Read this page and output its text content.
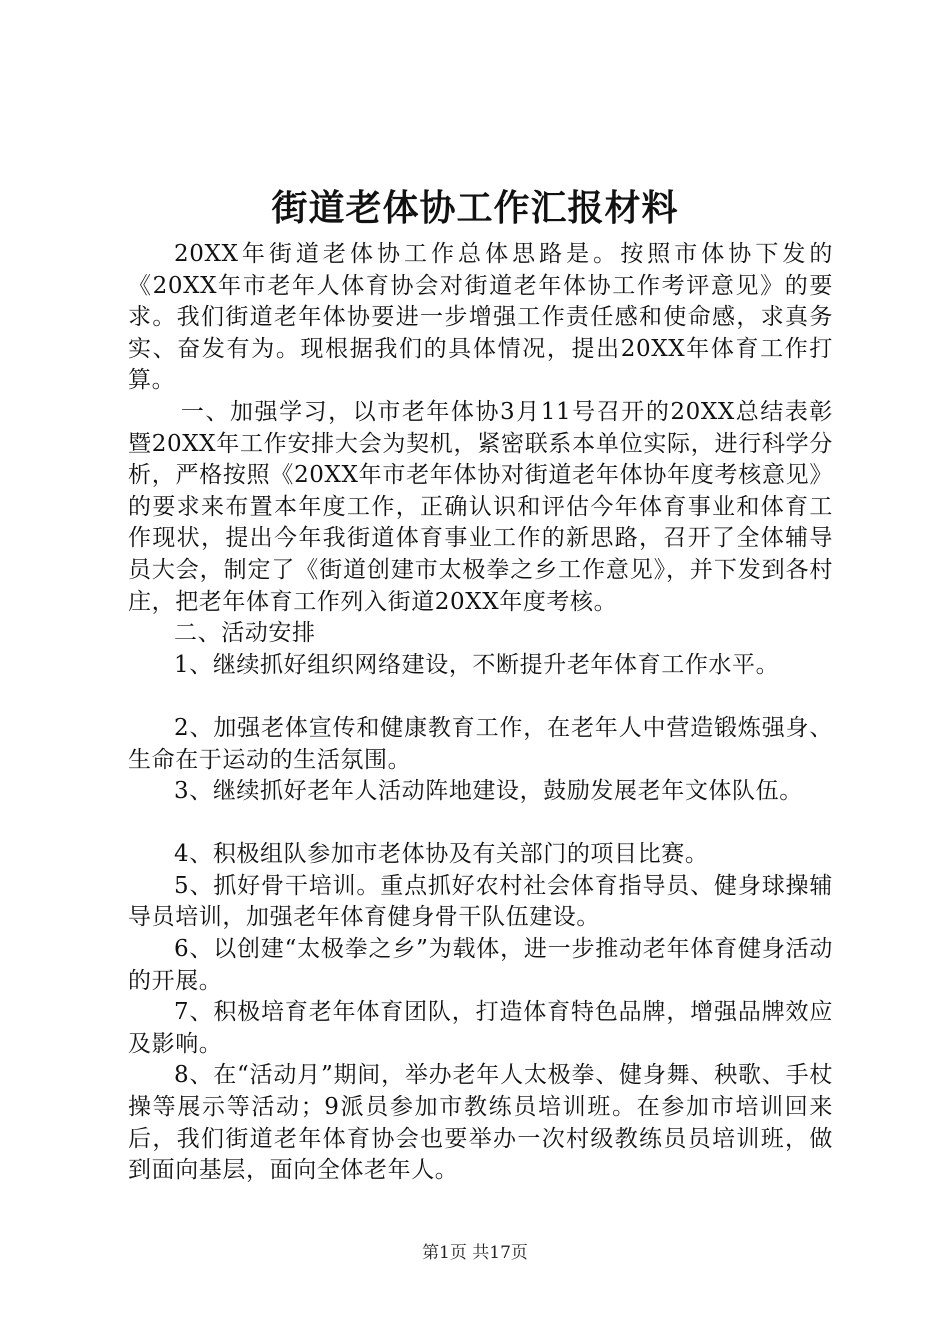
街道老体协工作汇报材料

20XX年街道老体协工作总体思路是。按照市体协下发的《20XX年市老年人体育协会对街道老年体协工作考评意见》的要求。我们街道老年体协要进一步增强工作责任感和使命感，求真务实、奋发有为。现根据我们的具体情况，提出20XX年体育工作打算。

一、加强学习，以市老年体协3月11号召开的20XX总结表彰暨20XX年工作安排大会为契机，紧密联系本单位实际，进行科学分析，严格按照《20XX年市老年体协对街道老年体协年度考核意见》的要求来布置本年度工作，正确认识和评估今年体育事业和体育工作现状，提出今年我街道体育事业工作的新思路，召开了全体辅导员大会，制定了《街道创建市太极拳之乡工作意见》，并下发到各村庄，把老年体育工作列入街道20XX年度考核。

二、活动安排

1、继续抓好组织网络建设，不断提升老年体育工作水平。

2、加强老体宣传和健康教育工作，在老年人中营造锻炼强身、生命在于运动的生活氛围。

3、继续抓好老年人活动阵地建设，鼓励发展老年文体队伍。

4、积极组队参加市老体协及有关部门的项目比赛。

5、抓好骨干培训。重点抓好农村社会体育指导员、健身球操辅导员培训，加强老年体育健身骨干队伍建设。

6、以创建“太极拳之乡”为载体，进一步推动老年体育健身活动的开展。

7、积极培育老年体育团队，打造体育特色品牌，增强品牌效应及影响。

8、在“活动月”期间，举办老年人太极拳、健身舞、秧歌、手杖操等展示等活动；9派员参加市教练员培训班。在参加市培训回来后，我们街道老年体育协会也要举办一次村级教练员员培训班，做到面向基层，面向全体老年人。

第1页 共17页
